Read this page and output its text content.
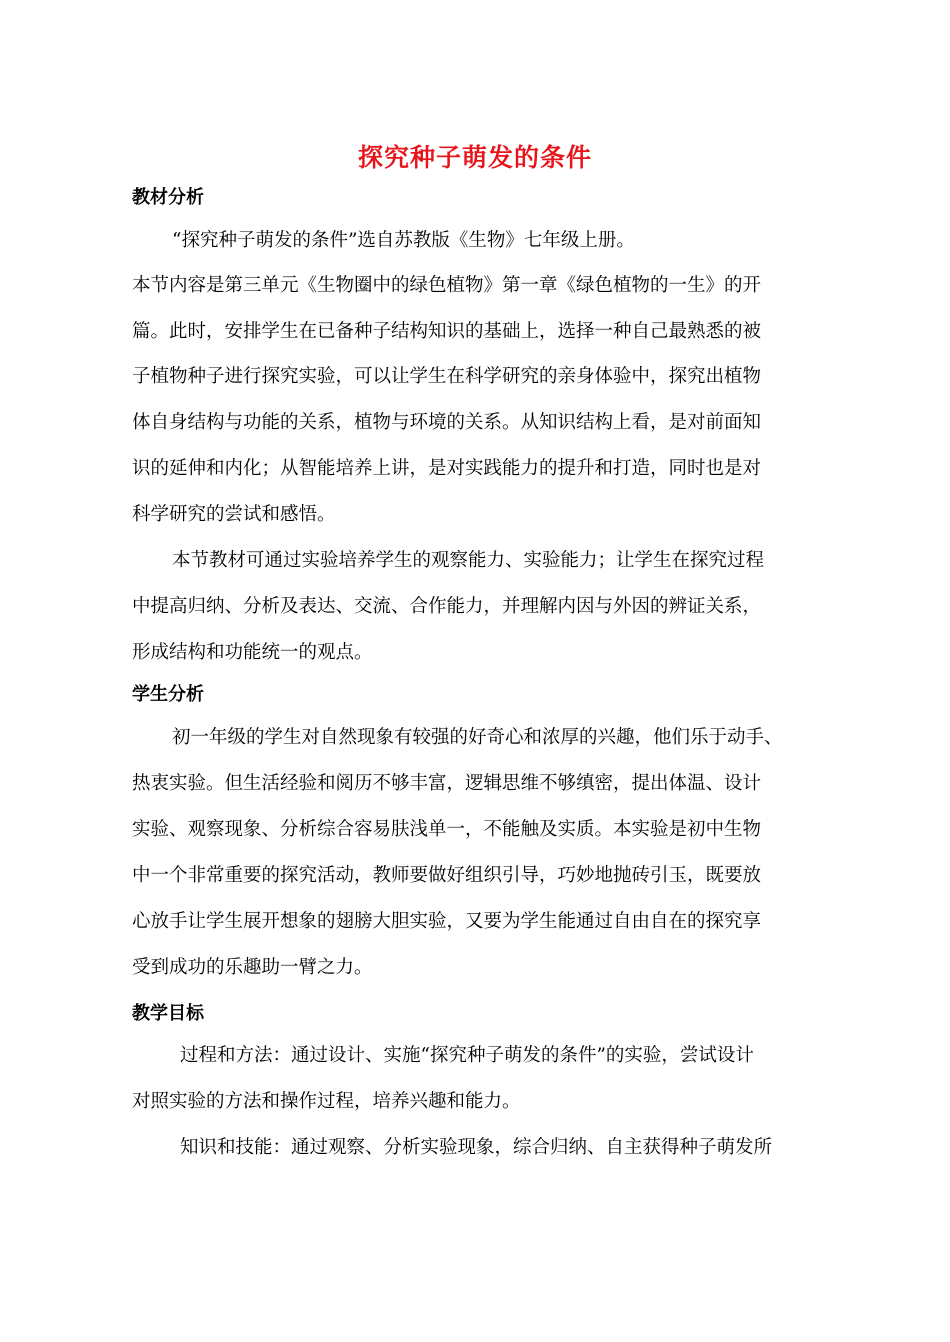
探究种子萌发的条件
教材分析
“探究种子萌发的条件”选自苏教版《生物》七年级上册。
本节内容是第三单元《生物圈中的绿色植物》第一章《绿色植物的一生》的开
篇。此时，安排学生在已备种子结构知识的基础上，选择一种自己最熟悉的被
子植物种子进行探究实验，可以让学生在科学研究的亲身体验中，探究出植物
体自身结构与功能的关系，植物与环境的关系。从知识结构上看，是对前面知
识的延伸和内化；从智能培养上讲，是对实践能力的提升和打造，同时也是对
科学研究的尝试和感悟。
本节教材可通过实验培养学生的观察能力、实验能力；让学生在探究过程
中提高归纳、分析及表达、交流、合作能力，并理解内因与外因的辨证关系，
形成结构和功能统一的观点。
学生分析
初一年级的学生对自然现象有较强的好奇心和浓厚的兴趣，他们乐于动手、
热衷实验。但生活经验和阅历不够丰富，逻辑思维不够缜密，提出体温、设计
实验、观察现象、分析综合容易肤浅单一，不能触及实质。本实验是初中生物
中一个非常重要的探究活动，教师要做好组织引导，巧妙地抛砖引玉，既要放
心放手让学生展开想象的翅膀大胆实验，又要为学生能通过自由自在的探究享
受到成功的乐趣助一臂之力。
教学目标
过程和方法：通过设计、实施“探究种子萌发的条件”的实验，尝试设计
对照实验的方法和操作过程，培养兴趣和能力。
知识和技能：通过观察、分析实验现象，综合归纳、自主获得种子萌发所
